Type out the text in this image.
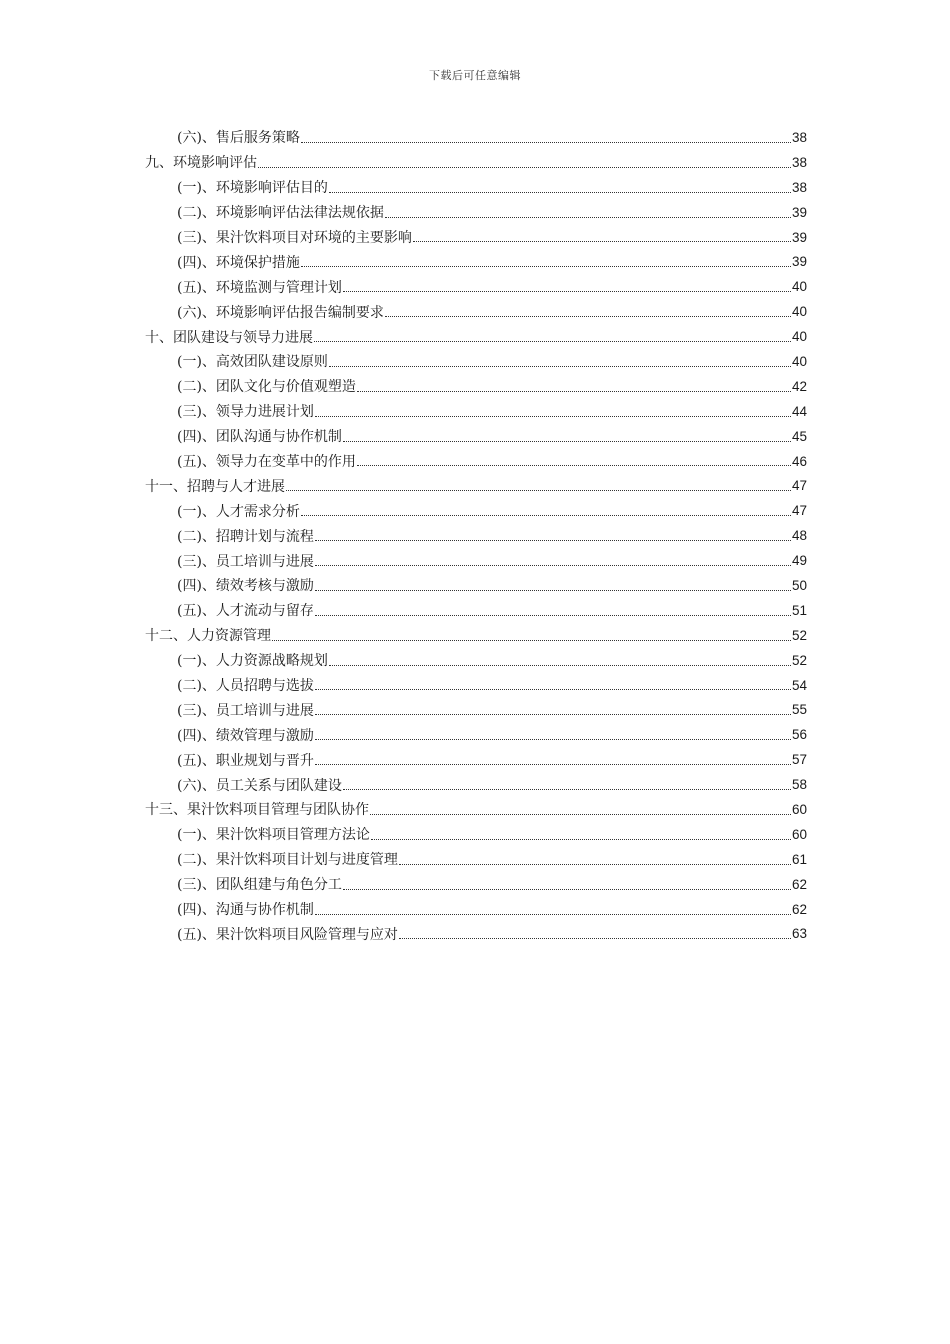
下载后可任意编辑
(六)、售后服务策略	38
九、环境影响评估	38
(一)、环境影响评估目的	38
(二)、环境影响评估法律法规依据	39
(三)、果汁饮料项目对环境的主要影响	39
(四)、环境保护措施	39
(五)、环境监测与管理计划	40
(六)、环境影响评估报告编制要求	40
十、团队建设与领导力进展	40
(一)、高效团队建设原则	40
(二)、团队文化与价值观塑造	42
(三)、领导力进展计划	44
(四)、团队沟通与协作机制	45
(五)、领导力在变革中的作用	46
十一、招聘与人才进展	47
(一)、人才需求分析	47
(二)、招聘计划与流程	48
(三)、员工培训与进展	49
(四)、绩效考核与激励	50
(五)、人才流动与留存	51
十二、人力资源管理	52
(一)、人力资源战略规划	52
(二)、人员招聘与选拔	54
(三)、员工培训与进展	55
(四)、绩效管理与激励	56
(五)、职业规划与晋升	57
(六)、员工关系与团队建设	58
十三、果汁饮料项目管理与团队协作	60
(一)、果汁饮料项目管理方法论	60
(二)、果汁饮料项目计划与进度管理	61
(三)、团队组建与角色分工	62
(四)、沟通与协作机制	62
(五)、果汁饮料项目风险管理与应对	63
